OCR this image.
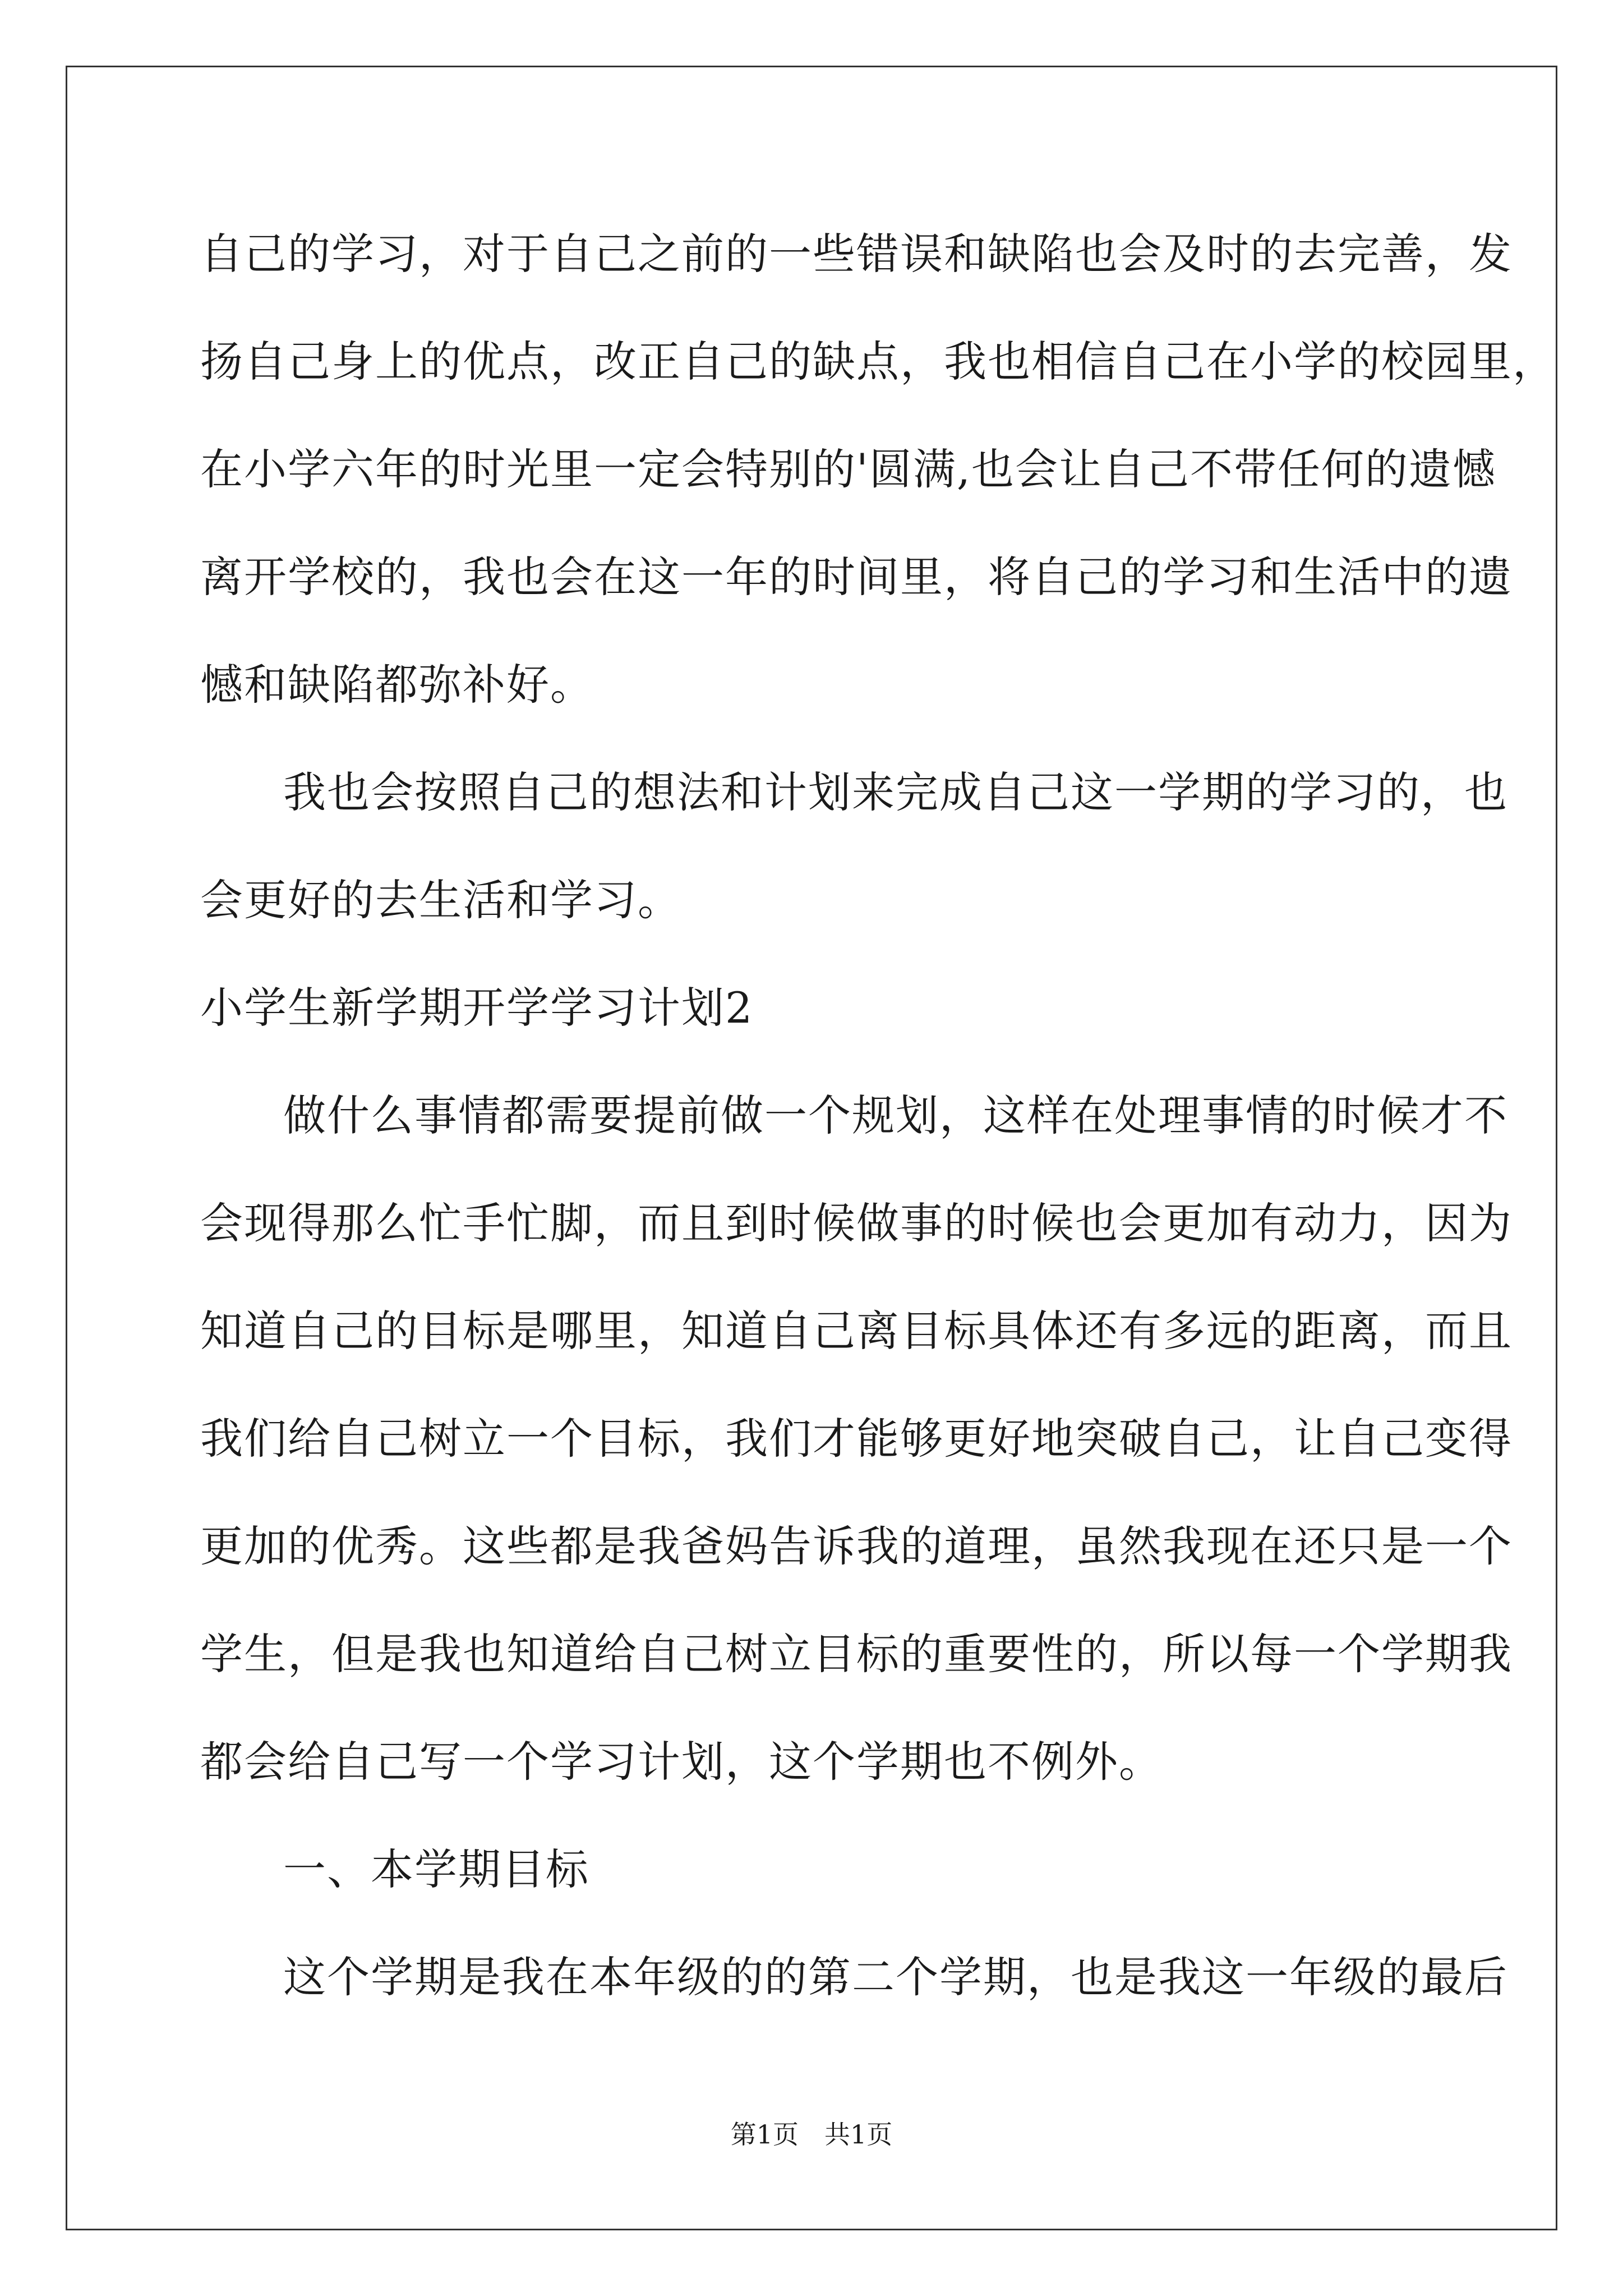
自己的学习，对于自己之前的一些错误和缺陷也会及时的去完善，发
扬自己身上的优点，改正自己的缺点，我也相信自己在小学的校园里，
在小学六年的时光里一定会特别的'圆满,也会让自己不带任何的遗憾
离开学校的，我也会在这一年的时间里，将自己的学习和生活中的遗
憾和缺陷都弥补好。
我也会按照自己的想法和计划来完成自己这一学期的学习的，也
会更好的去生活和学习。
小学生新学期开学学习计划2
做什么事情都需要提前做一个规划，这样在处理事情的时候才不
会现得那么忙手忙脚，而且到时候做事的时候也会更加有动力，因为
知道自己的目标是哪里，知道自己离目标具体还有多远的距离，而且
我们给自己树立一个目标，我们才能够更好地突破自己，让自己变得
更加的优秀。这些都是我爸妈告诉我的道理，虽然我现在还只是一个
学生，但是我也知道给自己树立目标的重要性的，所以每一个学期我
都会给自己写一个学习计划，这个学期也不例外。
一、本学期目标
这个学期是我在本年级的的第二个学期，也是我这一年级的最后
第1页　共1页
